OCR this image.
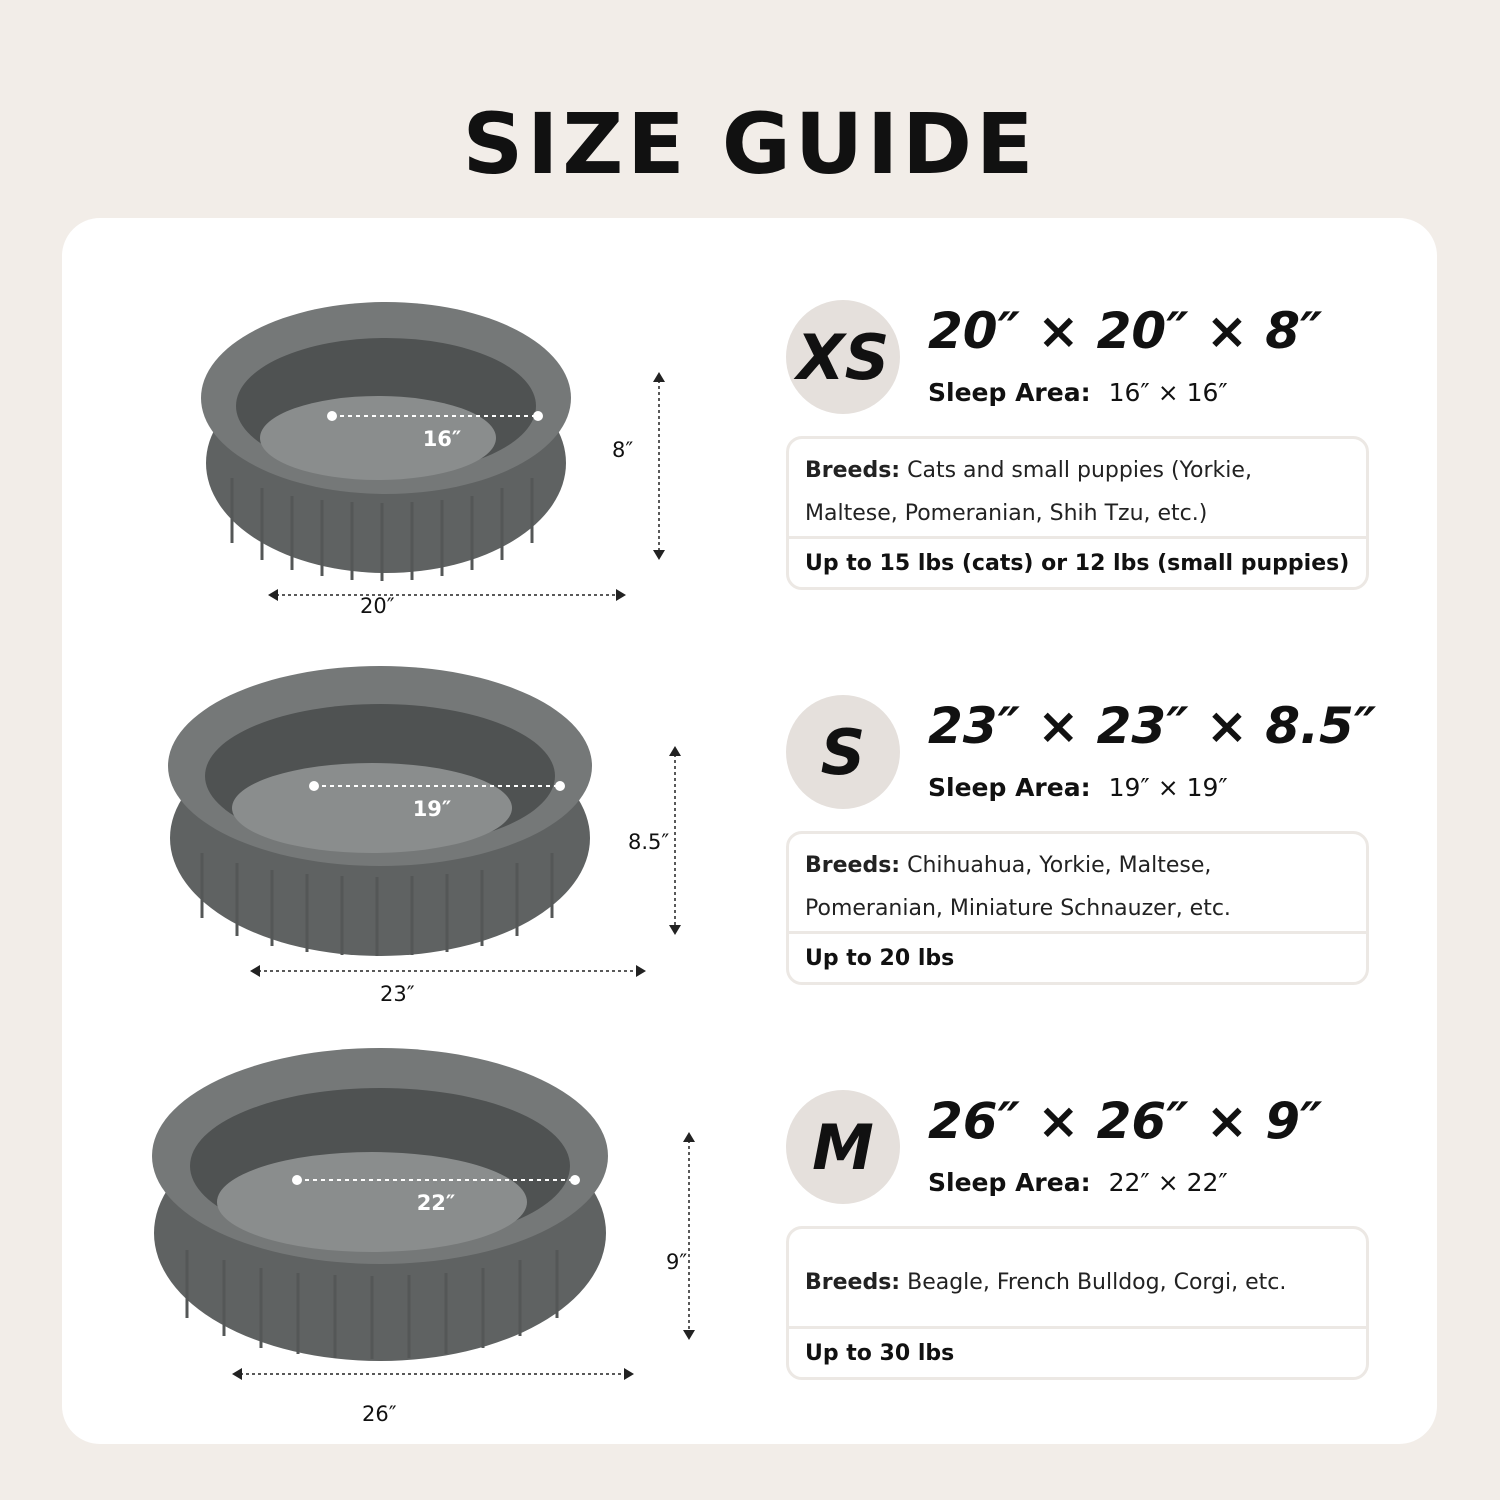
SIZE GUIDE
16″	8″
20″
XS 20″ × 20″ × 8″
Sleep Area: 16″ × 16″
Breeds: Cats and small puppies (Yorkie, Maltese, Pomeranian, Shih Tzu, etc.)
Up to 15 lbs (cats) or 12 lbs (small puppies)
19″
8.5″
23″
S	23″ × 23″ × 8.5″
Sleep Area: 19″ × 19″
Breeds: Chihuahua, Yorkie, Maltese, Pomeranian, Miniature Schnauzer, etc.
Up to 20 lbs
22″
9″
26″
M	26″ × 26″ × 9″
Sleep Area: 22″ × 22″
Breeds: Beagle, French Bulldog, Corgi, etc.
Up to 30 lbs
